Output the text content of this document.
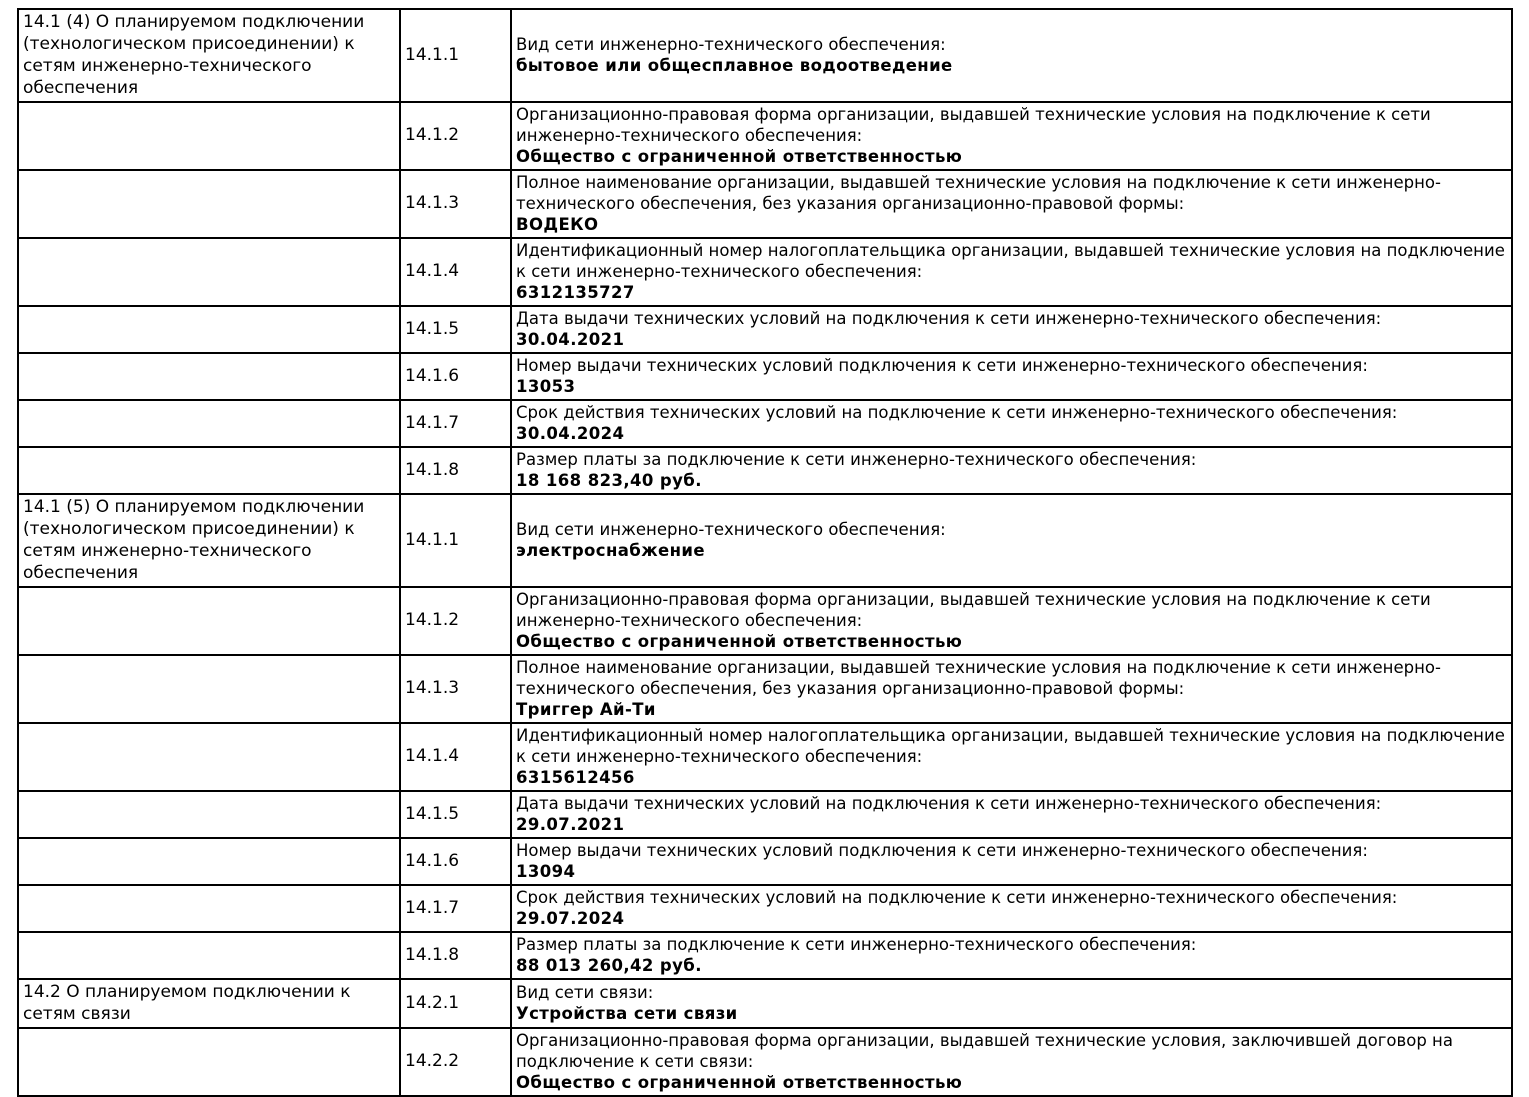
14.1 (4) О планируемом подключении (технологическом присоединении) к сетям инженерно-технического обеспечения	14.1.1	Вид сети инженерно-технического обеспечения:
бытовое или общесплавное водоотведение

	14.1.2	Организационно-правовая форма организации, выдавшей технические условия на подключение к сети инженерно-технического обеспечения:
Общество с ограниченной ответственностью

	14.1.3	Полное наименование организации, выдавшей технические условия на подключение к сети инженерно-технического обеспечения, без указания организационно-правовой формы:
ВОДЕКО

	14.1.4	Идентификационный номер налогоплательщика организации, выдавшей технические условия на подключение к сети инженерно-технического обеспечения:
6312135727

	14.1.5	Дата выдачи технических условий на подключения к сети инженерно-технического обеспечения:
30.04.2021

	14.1.6	Номер выдачи технических условий подключения к сети инженерно-технического обеспечения:
13053

	14.1.7	Срок действия технических условий на подключение к сети инженерно-технического обеспечения:
30.04.2024

	14.1.8	Размер платы за подключение к сети инженерно-технического обеспечения:
18 168 823,40 руб.

14.1 (5) О планируемом подключении (технологическом присоединении) к сетям инженерно-технического обеспечения	14.1.1	Вид сети инженерно-технического обеспечения:
электроснабжение

	14.1.2	Организационно-правовая форма организации, выдавшей технические условия на подключение к сети инженерно-технического обеспечения:
Общество с ограниченной ответственностью

	14.1.3	Полное наименование организации, выдавшей технические условия на подключение к сети инженерно-технического обеспечения, без указания организационно-правовой формы:
Триггер Ай-Ти

	14.1.4	Идентификационный номер налогоплательщика организации, выдавшей технические условия на подключение к сети инженерно-технического обеспечения:
6315612456

	14.1.5	Дата выдачи технических условий на подключения к сети инженерно-технического обеспечения:
29.07.2021

	14.1.6	Номер выдачи технических условий подключения к сети инженерно-технического обеспечения:
13094

	14.1.7	Срок действия технических условий на подключение к сети инженерно-технического обеспечения:
29.07.2024

	14.1.8	Размер платы за подключение к сети инженерно-технического обеспечения:
88 013 260,42 руб.

14.2 О планируемом подключении к сетям связи	14.2.1	Вид сети связи:
Устройства сети связи

	14.2.2	Организационно-правовая форма организации, выдавшей технические условия, заключившей договор на подключение к сети связи:
Общество с ограниченной ответственностью
